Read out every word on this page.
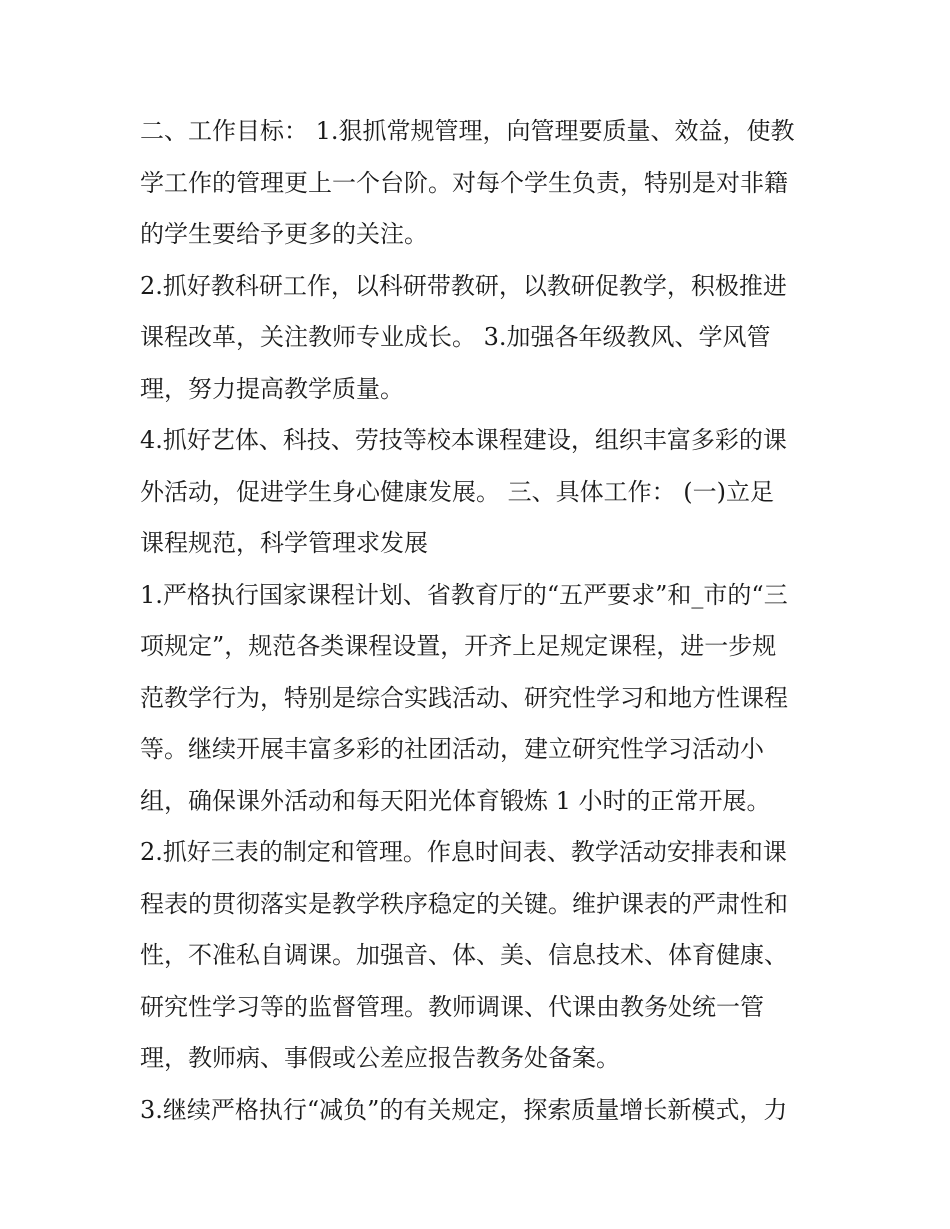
二、工作目标： 1.狠抓常规管理，向管理要质量、效益，使教

学工作的管理更上一个台阶。对每个学生负责，特别是对非籍

的学生要给予更多的关注。

2.抓好教科研工作，以科研带教研，以教研促教学，积极推进

课程改革，关注教师专业成长。 3.加强各年级教风、学风管

理，努力提高教学质量。

4.抓好艺体、科技、劳技等校本课程建设，组织丰富多彩的课

外活动，促进学生身心健康发展。 三、具体工作： (一)立足

课程规范，科学管理求发展

1.严格执行国家课程计划、省教育厅的“五严要求”和_市的“三

项规定”，规范各类课程设置，开齐上足规定课程，进一步规

范教学行为，特别是综合实践活动、研究性学习和地方性课程

等。继续开展丰富多彩的社团活动，建立研究性学习活动小

组，确保课外活动和每天阳光体育锻炼 1 小时的正常开展。

2.抓好三表的制定和管理。作息时间表、教学活动安排表和课

程表的贯彻落实是教学秩序稳定的关键。维护课表的严肃性和

性，不准私自调课。加强音、体、美、信息技术、体育健康、

研究性学习等的监督管理。教师调课、代课由教务处统一管

理，教师病、事假或公差应报告教务处备案。

3.继续严格执行“减负”的有关规定，探索质量增长新模式，力
